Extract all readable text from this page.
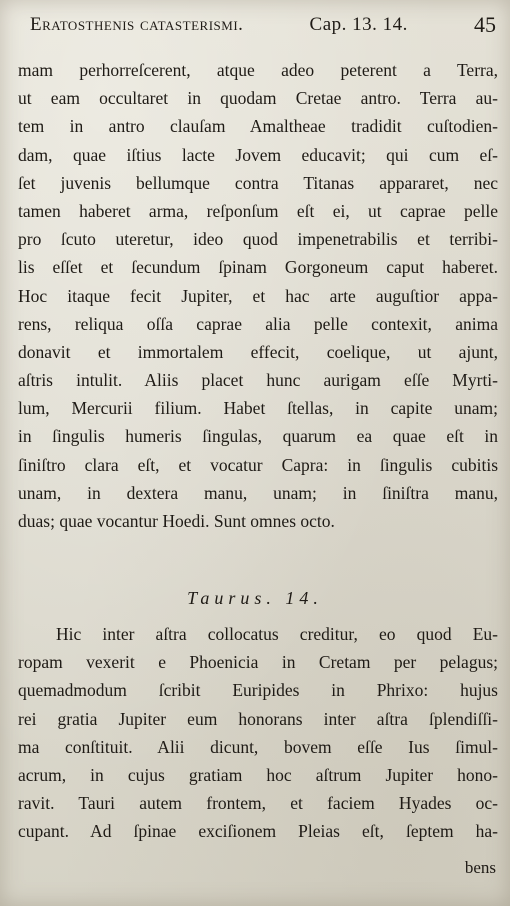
Eratosthenis catasterismi.	Cap. 13. 14.	45
mam perhorreſcerent, atque adeo peterent a Terra,
ut eam occultaret in quodam Cretae antro. Terra au-
tem in antro clauſam Amaltheae tradidit cuſtodien-
dam, quae iſtius lacte Jovem educavit; qui cum eſ-
ſet juvenis bellumque contra Titanas appararet, nec
tamen haberet arma, reſponſum eſt ei, ut caprae pelle
pro ſcuto uteretur, ideo quod impenetrabilis et terribi-
lis eſſet et ſecundum ſpinam Gorgoneum caput haberet.
Hoc itaque fecit Jupiter, et hac arte auguſtior appa-
rens, reliqua oſſa caprae alia pelle contexit, anima
donavit et immortalem effecit, coelique, ut ajunt,
aſtris intulit. Aliis placet hunc aurigam eſſe Myrti-
lum, Mercurii filium. Habet ſtellas, in capite unam;
in ſingulis humeris ſingulas, quarum ea quae eſt in
ſiniſtro clara eſt, et vocatur Capra: in ſingulis cubitis
unam, in dextera manu, unam; in ſiniſtra manu,
duas; quae vocantur Hoedi. Sunt omnes octo.
Taurus. 14.
Hic inter aſtra collocatus creditur, eo quod Eu-
ropam vexerit e Phoenicia in Cretam per pelagus;
quemadmodum ſcribit Euripides in Phrixo: hujus
rei gratia Jupiter eum honorans inter aſtra ſplendiſſi-
ma conſtituit. Alii dicunt, bovem eſſe Ius ſimul-
acrum, in cujus gratiam hoc aſtrum Jupiter hono-
ravit. Tauri autem frontem, et faciem Hyades oc-
cupant. Ad ſpinae exciſionem Pleias eſt, ſeptem ha-
bens
